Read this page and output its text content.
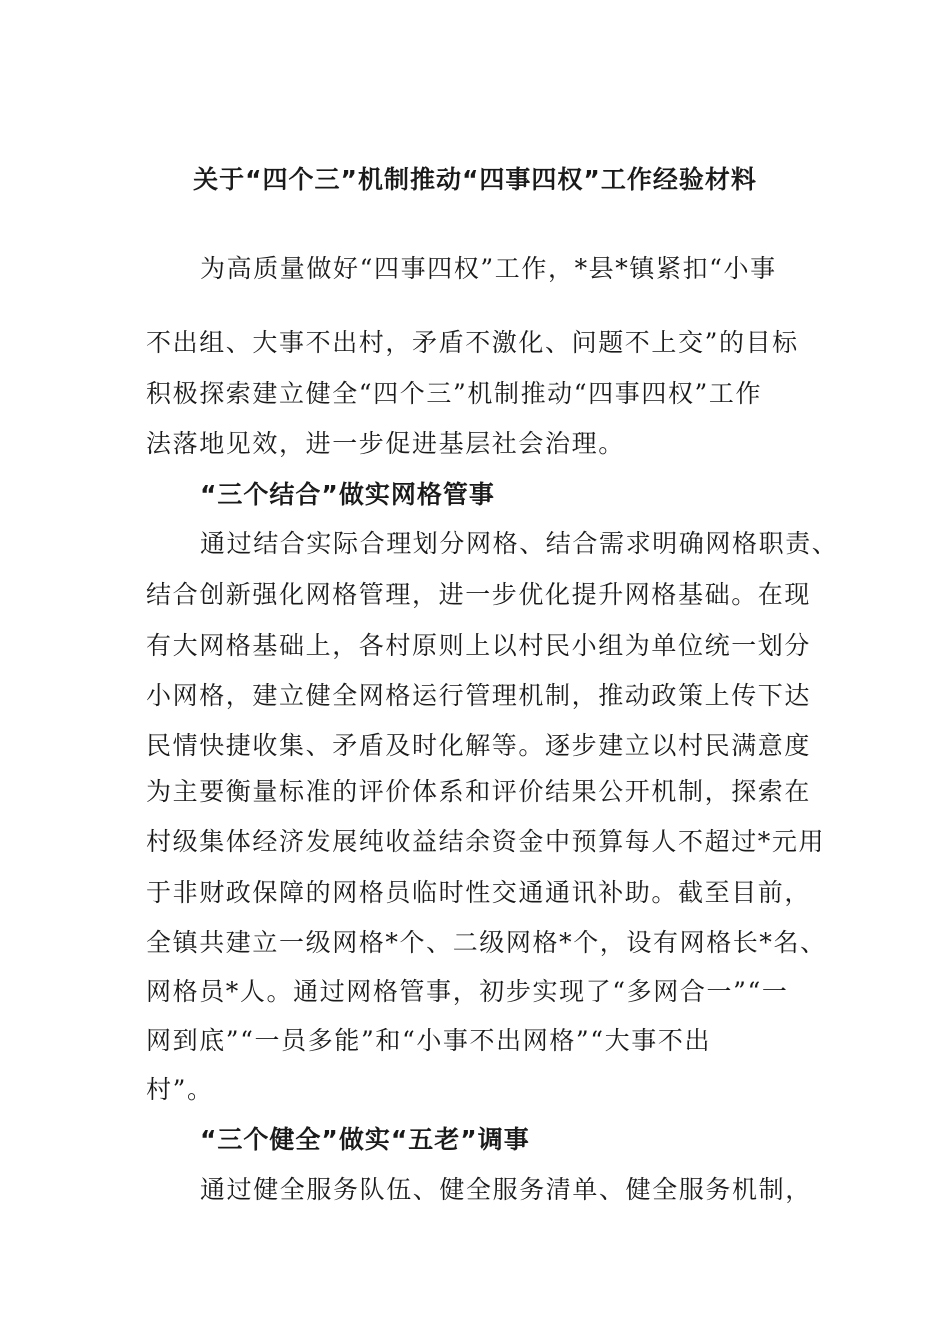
关于“四个三”机制推动“四事四权”工作经验材料
为高质量做好“四事四权”工作，*县*镇紧扣“小事
不出组、大事不出村，矛盾不激化、问题不上交”的目标
积极探索建立健全“四个三”机制推动“四事四权”工作
法落地见效，进一步促进基层社会治理。
“三个结合”做实网格管事
通过结合实际合理划分网格、结合需求明确网格职责、
结合创新强化网格管理，进一步优化提升网格基础。在现
有大网格基础上，各村原则上以村民小组为单位统一划分
小网格，建立健全网格运行管理机制，推动政策上传下达
民情快捷收集、矛盾及时化解等。逐步建立以村民满意度
为主要衡量标准的评价体系和评价结果公开机制，探索在
村级集体经济发展纯收益结余资金中预算每人不超过*元用
于非财政保障的网格员临时性交通通讯补助。截至目前，
全镇共建立一级网格*个、二级网格*个，设有网格长*名、
网格员*人。通过网格管事，初步实现了“多网合一”“一
网到底”“一员多能”和“小事不出网格”“大事不出
村”。
“三个健全”做实“五老”调事
通过健全服务队伍、健全服务清单、健全服务机制，
